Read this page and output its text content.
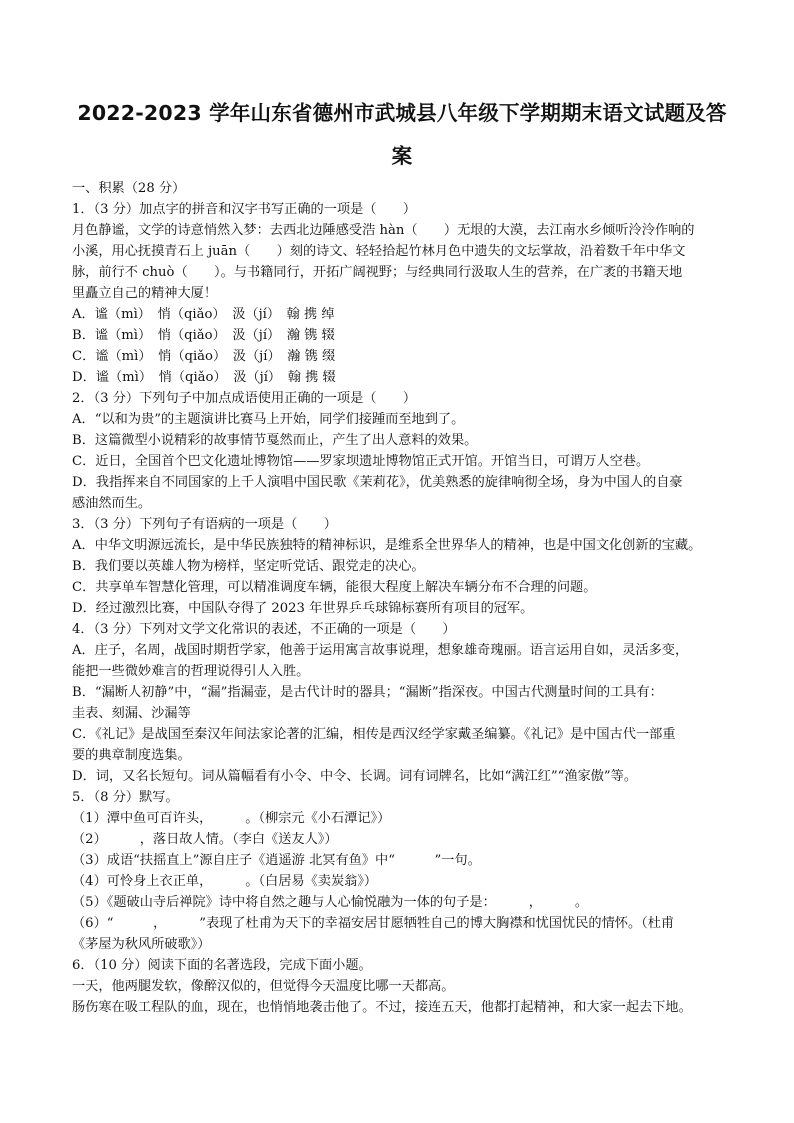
2022-2023 学年山东省德州市武城县八年级下学期期末语文试题及答
案
一、积累（28 分）
1．（3 分）加点字的拼音和汉字书写正确的一项是（　　）
月色静谧，文学的诗意悄然入梦：去西北边陲感受浩 hàn（　　）无垠的大漠，去江南水乡倾听泠泠作响的
小溪，用心抚摸青石上 juān（　　）刻的诗文、轻轻拾起竹林月色中遗失的文坛掌故，沿着数千年中华文
脉，前行不 chuò（　　）。与书籍同行，开拓广阔视野；与经典同行汲取人生的营养，在广袤的书籍天地
里矗立自己的精神大厦！
A．谧（mì）　悄（qiǎo）　汲（jí）　翰 携 绰
B．谧（mì）　悄（qiǎo）　汲（jí）　瀚 镌 辍
C．谧（mì）　悄（qiǎo）　汲（jí）　瀚 镌 缀
D．谧（mì）　悄（qiǎo）　汲（jí）　翰 携 辍
2．（3 分）下列句子中加点成语使用正确的一项是（　　）
A．“以和为贵”的主题演讲比赛马上开始，同学们接踵而至地到了。
B．这篇微型小说精彩的故事情节戛然而止，产生了出人意料的效果。
C．近日，全国首个巴文化遗址博物馆——罗家坝遗址博物馆正式开馆。开馆当日，可谓万人空巷。
D．我指挥来自不同国家的上千人演唱中国民歌《茉莉花》，优美熟悉的旋律响彻全场，身为中国人的自豪
感油然而生。
3．（3 分）下列句子有语病的一项是（　　）
A．中华文明源远流长，是中华民族独特的精神标识，是维系全世界华人的精神，也是中国文化创新的宝藏。
B．我们要以英雄人物为榜样，坚定听党话、跟党走的决心。
C．共享单车智慧化管理，可以精准调度车辆，能很大程度上解决车辆分布不合理的问题。
D．经过激烈比赛，中国队夺得了 2023 年世界乒乓球锦标赛所有项目的冠军。
4．（3 分）下列对文学文化常识的表述，不正确的一项是（　　）
A．庄子，名周，战国时期哲学家，他善于运用寓言故事说理，想象雄奇瑰丽。语言运用自如，灵活多变，
能把一些微妙难言的哲理说得引人入胜。
B．“漏断人初静”中，“漏”指漏壶，是古代计时的器具；“漏断”指深夜。中国古代测量时间的工具有：
圭表、刻漏、沙漏等
C．《礼记》是战国至秦汉年间法家论著的汇编，相传是西汉经学家戴圣编纂。《礼记》是中国古代一部重
要的典章制度选集。
D．词，又名长短句。词从篇幅看有小令、中令、长调。词有词牌名，比如“满江红”“渔家傲”等。
5．（8 分）默写。
（1）潭中鱼可百许头，　　　。（柳宗元《小石潭记》）
（2）　　　，落日故人情。（李白《送友人》）
（3）成语“扶摇直上”源自庄子《逍遥游 北冥有鱼》中“　　　”一句。
（4）可怜身上衣正单，　　　。（白居易《卖炭翁》）
（5）《题破山寺后禅院》诗中将自然之趣与人心愉悦融为一体的句子是：　　　，　　　。
（6）“　　　，　　　”表现了杜甫为天下的幸福安居甘愿牺牲自己的博大胸襟和忧国忧民的情怀。（杜甫
《茅屋为秋风所破歌》）
6．（10 分）阅读下面的名著选段，完成下面小题。
一天，他两腿发软，像醉汉似的，但觉得今天温度比哪一天都高。
肠伤寒在吸工程队的血，现在，也悄悄地袭击他了。不过，接连五天，他都打起精神，和大家一起去下地。
